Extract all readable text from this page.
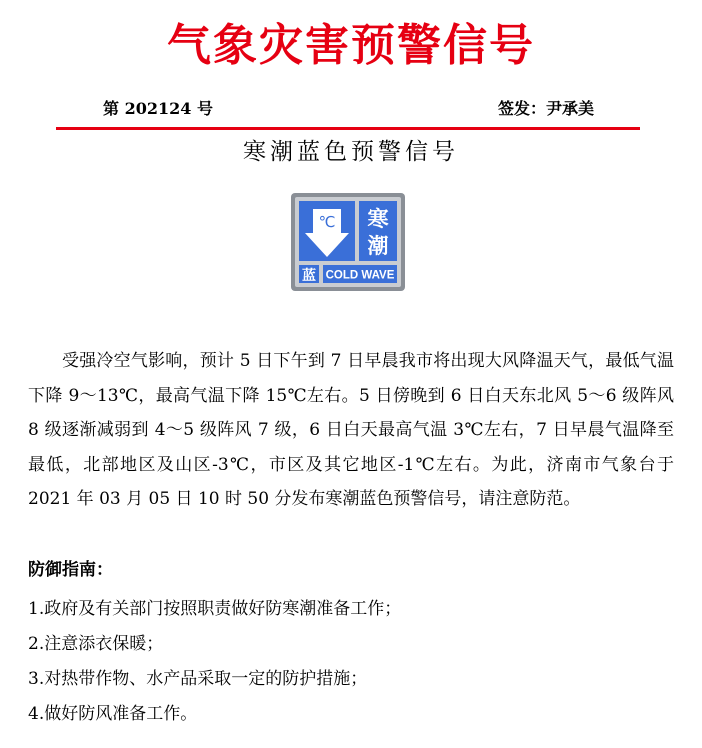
气象灾害预警信号
第 202124 号	签发：尹承美
寒潮蓝色预警信号
℃ 寒
潮
蓝 COLD WAVE

受强冷空气影响，预计 5 日下午到 7 日早晨我市将出现大风降温天气，最低气温下降 9～13℃，最高气温下降 15℃左右。5 日傍晚到 6 日白天东北风 5～6 级阵风 8 级逐渐减弱到 4～5 级阵风 7 级，6 日白天最高气温 3℃左右，7 日早晨气温降至最低，北部地区及山区-3℃，市区及其它地区-1℃左右。为此，济南市气象台于 2021 年 03 月 05 日 10 时 50 分发布寒潮蓝色预警信号，请注意防范。

防御指南：
1.政府及有关部门按照职责做好防寒潮准备工作；
2.注意添衣保暖；
3.对热带作物、水产品采取一定的防护措施；
4.做好防风准备工作。
